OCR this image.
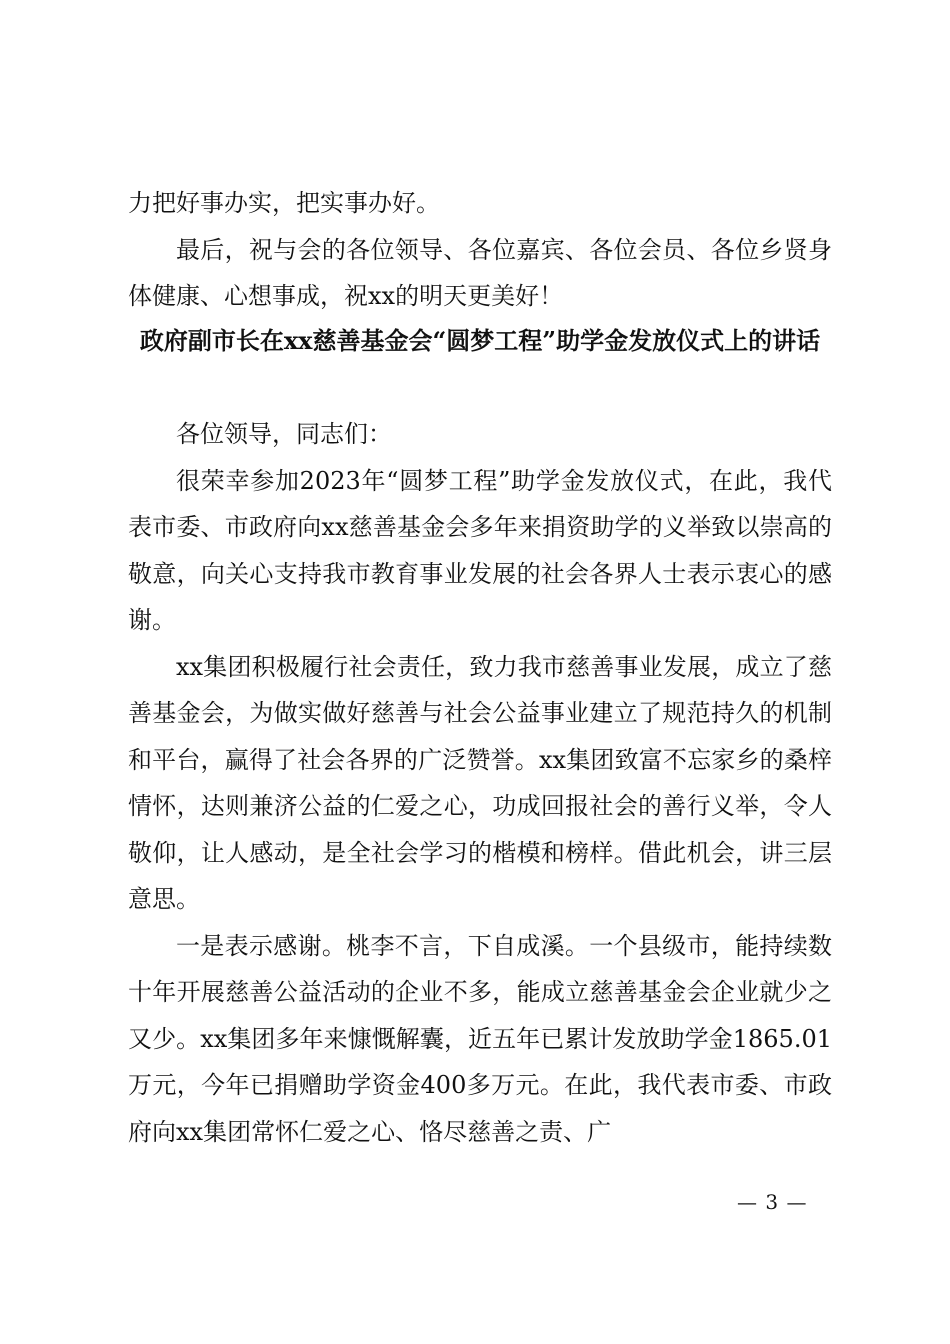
力把好事办实，把实事办好。

最后，祝与会的各位领导、各位嘉宾、各位会员、各位乡贤身体健康、心想事成，祝xx的明天更美好！

政府副市长在xx慈善基金会“圆梦工程”助学金发放仪式上的讲话

各位领导，同志们：

很荣幸参加2023年“圆梦工程”助学金发放仪式，在此，我代表市委、市政府向xx慈善基金会多年来捐资助学的义举致以崇高的敬意，向关心支持我市教育事业发展的社会各界人士表示衷心的感谢。

xx集团积极履行社会责任，致力我市慈善事业发展，成立了慈善基金会，为做实做好慈善与社会公益事业建立了规范持久的机制和平台，赢得了社会各界的广泛赞誉。xx集团致富不忘家乡的桑梓情怀，达则兼济公益的仁爱之心，功成回报社会的善行义举，令人敬仰，让人感动，是全社会学习的楷模和榜样。借此机会，讲三层意思。

一是表示感谢。桃李不言，下自成溪。一个县级市，能持续数十年开展慈善公益活动的企业不多，能成立慈善基金会企业就少之又少。xx集团多年来慷慨解囊，近五年已累计发放助学金1865.01万元，今年已捐赠助学资金400多万元。在此，我代表市委、市政府向xx集团常怀仁爱之心、恪尽慈善之责、广

— 3 —
